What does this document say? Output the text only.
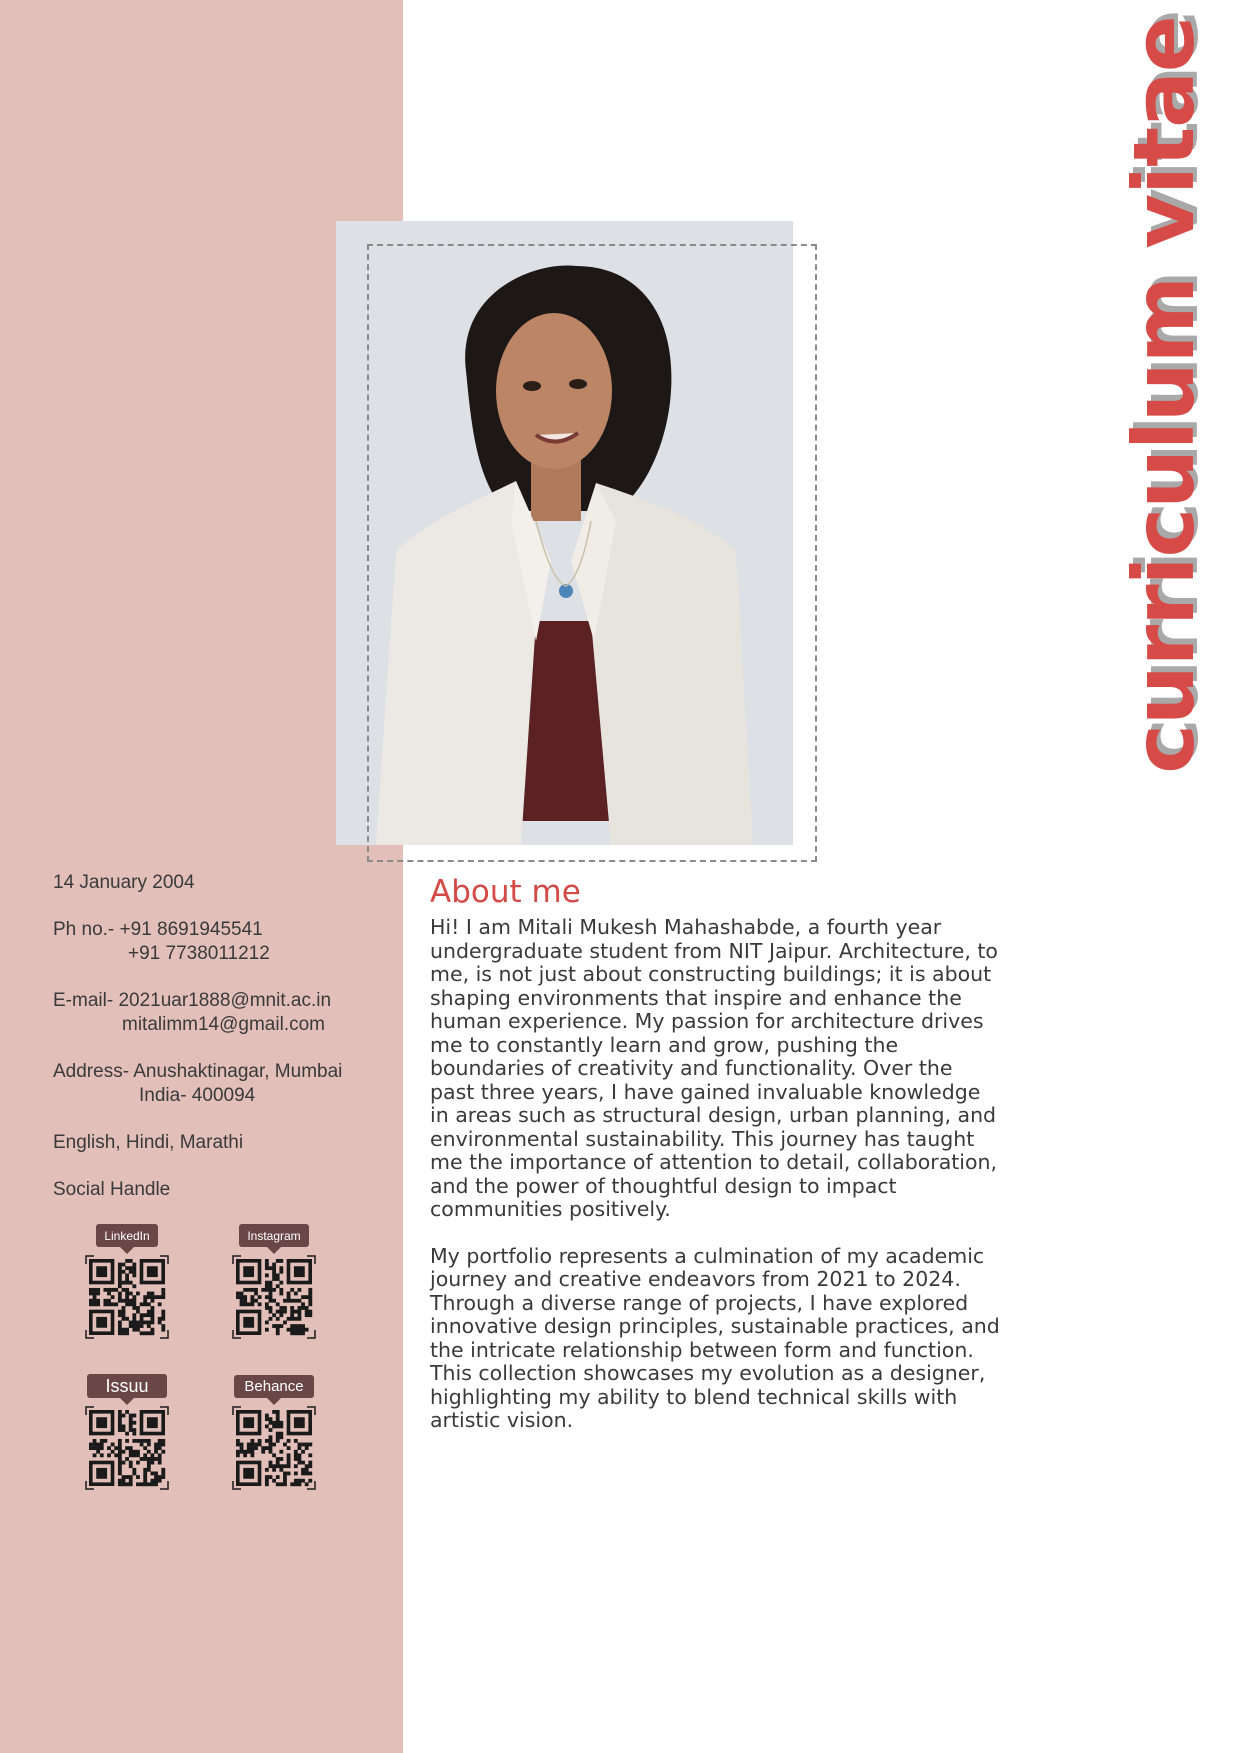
curriculum vitae
14 January 2004
Ph no.- +91 8691945541
+91 7738011212
E-mail- 2021uar1888@mnit.ac.in
mitalimm14@gmail.com
Address- Anushaktinagar, Mumbai
India- 400094
English, Hindi, Marathi
Social Handle
LinkedIn	Instagram
Issuu	Behance
About me

Hi! I am Mitali Mukesh Mahashabde, a fourth year undergraduate student from NIT Jaipur. Architecture, to me, is not just about constructing buildings; it is about shaping environments that inspire and enhance the human experience. My passion for architecture drives me to constantly learn and grow, pushing the boundaries of creativity and functionality. Over the past three years, I have gained invaluable knowledge in areas such as structural design, urban planning, and environmental sustainability. This journey has taught me the importance of attention to detail, collaboration, and the power of thoughtful design to impact communities positively.

My portfolio represents a culmination of my academic journey and creative endeavors from 2021 to 2024. Through a diverse range of projects, I have explored innovative design principles, sustainable practices, and the intricate relationship between form and function. This collection showcases my evolution as a designer, highlighting my ability to blend technical skills with artistic vision.
